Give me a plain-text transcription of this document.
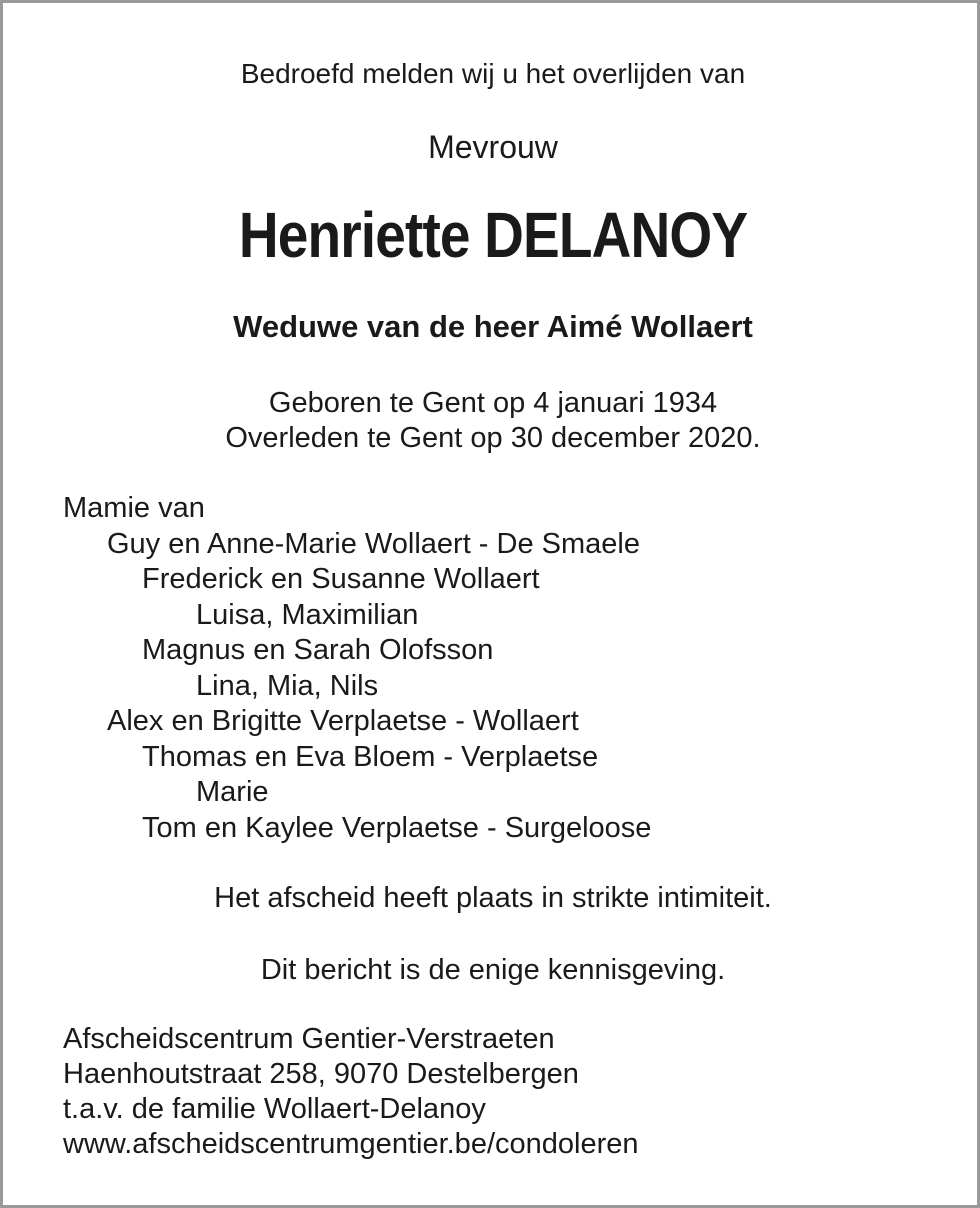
Bedroefd melden wij u het overlijden van
Mevrouw
Henriette DELANOY
Weduwe van de heer Aimé Wollaert
Geboren te Gent op 4 januari 1934
Overleden te Gent op 30 december 2020.
Mamie van
Guy en Anne-Marie Wollaert - De Smaele
Frederick en Susanne Wollaert
Luisa, Maximilian
Magnus en Sarah Olofsson
Lina, Mia, Nils
Alex en Brigitte Verplaetse - Wollaert
Thomas en Eva Bloem - Verplaetse
Marie
Tom en Kaylee Verplaetse - Surgeloose
Het afscheid heeft plaats in strikte intimiteit.
Dit bericht is de enige kennisgeving.
Afscheidscentrum Gentier-Verstraeten
Haenhoutstraat 258, 9070 Destelbergen
t.a.v. de familie Wollaert-Delanoy
www.afscheidscentrumgentier.be/condoleren
